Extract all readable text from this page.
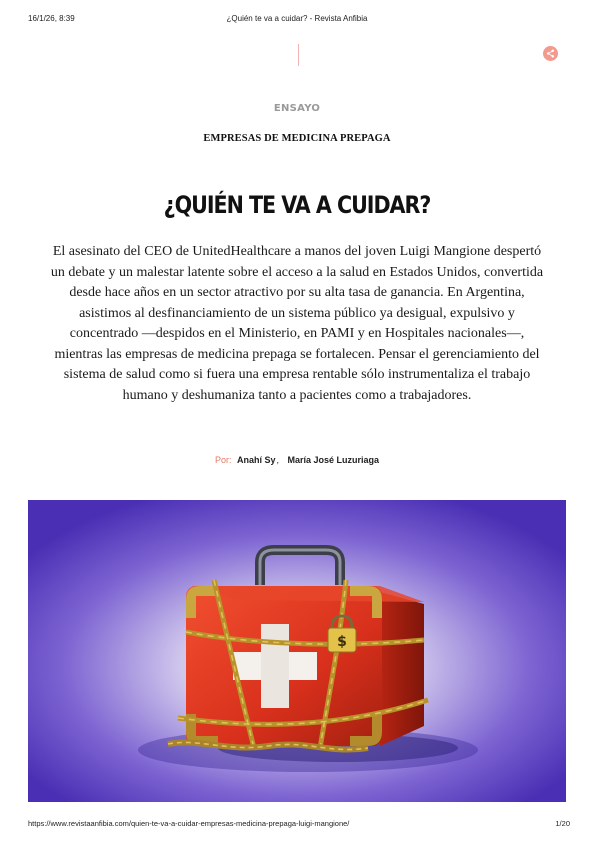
16/1/26, 8:39	¿Quién te va a cuidar? - Revista Anfibia
ENSAYO
EMPRESAS DE MEDICINA PREPAGA
¿QUIÉN TE VA A CUIDAR?

El asesinato del CEO de UnitedHealthcare a manos del joven Luigi Mangione despertó un debate y un malestar latente sobre el acceso a la salud en Estados Unidos, convertida desde hace años en un sector atractivo por su alta tasa de ganancia. En Argentina, asistimos al desfinanciamiento de un sistema público ya desigual, expulsivo y concentrado —despidos en el Ministerio, en PAMI y en Hospitales nacionales—, mientras las empresas de medicina prepaga se fortalecen. Pensar el gerenciamiento del sistema de salud como si fuera una empresa rentable sólo instrumentaliza el trabajo humano y deshumaniza tanto a pacientes como a trabajadores.

Por: Anahí Sy, María José Luzuriaga
$
https://www.revistaanfibia.com/quien-te-va-a-cuidar-empresas-medicina-prepaga-luigi-mangione/	1/20
